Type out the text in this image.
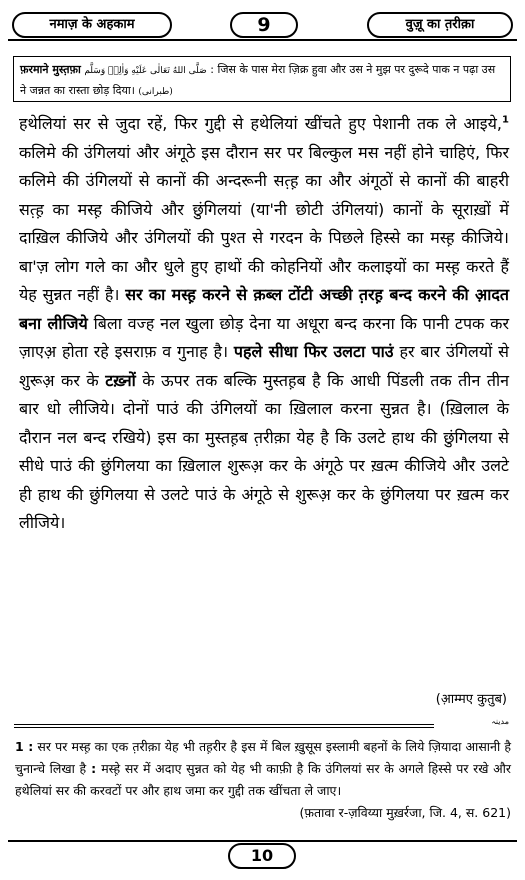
नमाज़ के अहकाम	9	वुज़ू का त़रीक़ा
फ़रमाने मुस्त़फ़ा صَلَّى اللهُ تَعَالٰى عَلَيْهِ وَاٰلِهٖ وَسَلَّم : जिस के पास मेरा ज़िक्र हुवा और उस ने मुझ पर दुरूदे पाक न पढ़ा उस ने जन्नत का रास्ता छोड़ दिया। (طبرانی)
हथेलियां सर से जुदा रहें, फिर गुद्दी से हथेलियां खींचते हुए पेशानी तक ले आइये,$^1$ कलिमे की उंगिलयां और अंगूठे इस दौरान सर पर बिल्कुल मस नहीं होने चाहिएं, फिर कलिमे की उंगिलयों से कानों की अन्दरूनी सत़्ह़ का और अंगूठों से कानों की बाहरी सत़्ह़ का मस्ह़ कीजिये और छुंगिलयां (या'नी छोटी उंगिलयां) कानों के सूराख़ों में दाख़िल कीजिये और उंगिलयों की पुश्त से गरदन के पिछले हिस्से का मस्ह़ कीजिये। बा'ज़ लोग गले का और धुले हुए हाथों की कोहनियों और कलाइयों का मस्ह़ करते हैं येह सुन्नत नहीं है। सर का मस्ह़ करने से क़ब्ल टोंटी अच्छी त़रह़ बन्द करने की आ़दत बना लीजिये बिला वज्ह नल खुला छोड़ देना या अधूरा बन्द करना कि पानी टपक कर ज़ाएअ़ होता रहे इसराफ़ व गुनाह है। पहले सीधा फिर उलटा पाउं हर बार उंगिलयों से शुरूअ़ कर के टख़्नों के ऊपर तक बल्कि मुस्तह़ब है कि आधी पिंडली तक तीन तीन बार धो लीजिये। दोनों पाउं की उंगिलयों का ख़िलाल करना सुन्नत है। (ख़िलाल के दौरान नल बन्द रखिये) इस का मुस्तह़ब त़रीक़ा येह है कि उलटे हाथ की छुंगिलया से सीधे पाउं की छुंगिलया का ख़िलाल शुरूअ़ कर के अंगूठे पर ख़त्म कीजिये और उलटे ही हाथ की छुंगिलया से उलटे पाउं के अंगूठे से शुरूअ़ कर के छुंगिलया पर ख़त्म कर लीजिये।
(आ़म्मए कुतुब)
مدينہ
1 : सर पर मस्ह़ का एक त़रीक़ा येह भी तह़रीर है इस में बिल ख़ुसूस इस्लामी बहनों के लिये ज़ियादा आसानी है चुनान्चे लिखा है : मस्हे़ सर में अदाए सुन्नत को येह भी काफ़ी है कि उंगिलयां सर के अगले हिस्से पर रखे और हथेलियां सर की करवटों पर और हाथ जमा कर गुद्दी तक खींचता ले जाए।
(फ़तावा र-ज़विय्या मुख़र्रजा, जि. 4, स. 621)
10
